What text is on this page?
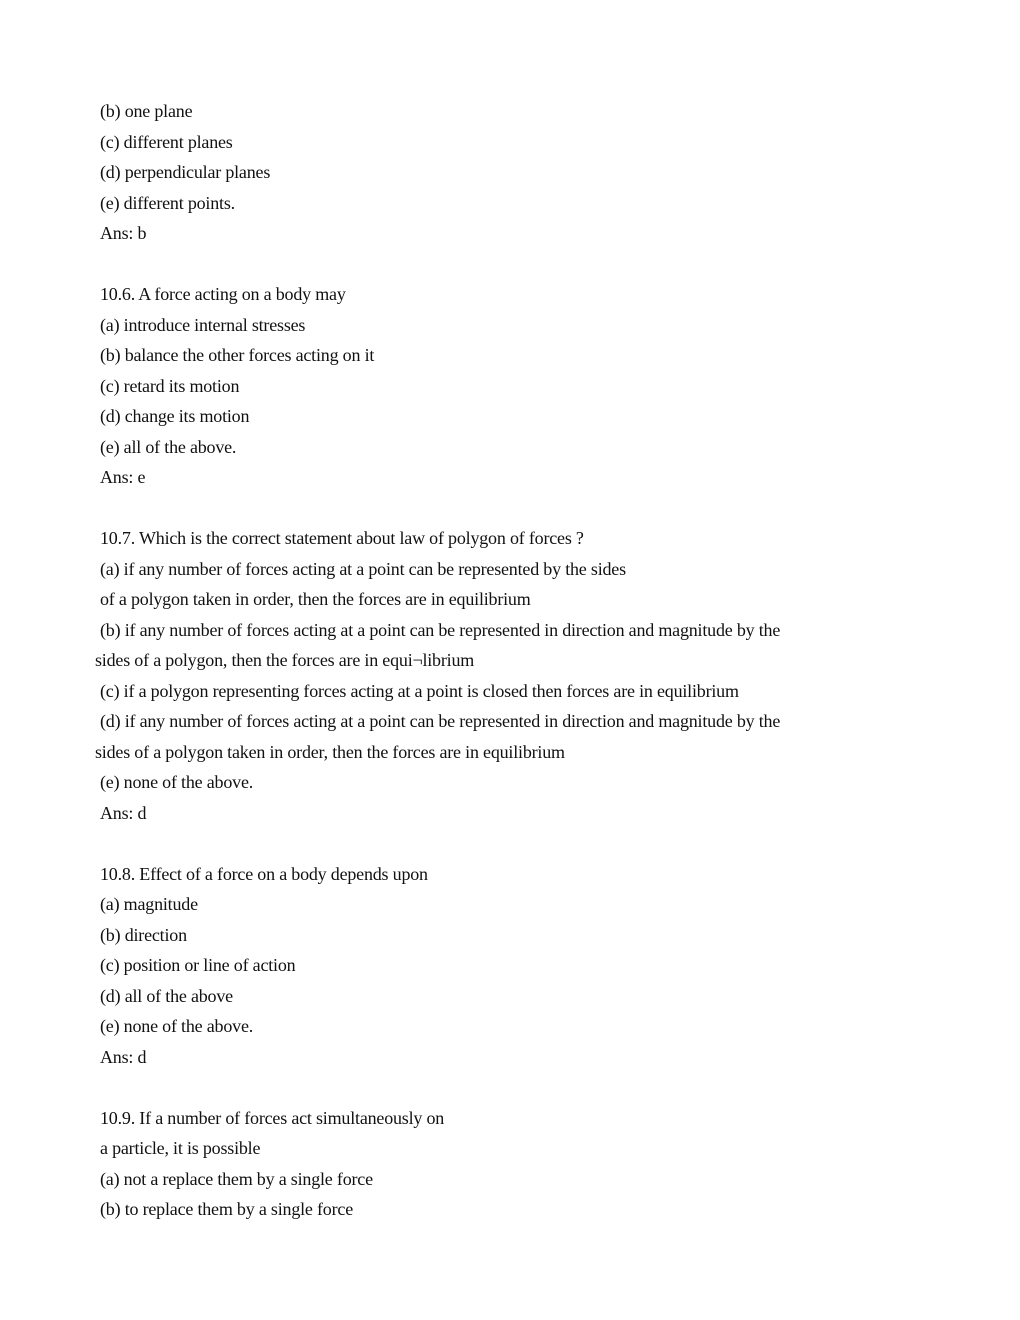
(b) one plane
(c) different planes
(d) perpendicular planes
(e) different points.
Ans: b
10.6. A force acting on a body may
(a) introduce internal stresses
(b) balance the other forces acting on it
(c) retard its motion
(d) change its motion
(e) all of the above.
Ans: e
10.7. Which is the correct statement about law of polygon of forces ?
(a) if any number of forces acting at a point can be represented by the sides
of a polygon taken in order, then the forces are in equilibrium
(b) if any number of forces acting at a point can be represented in direction and magnitude by the
sides of a polygon, then the forces are in equi¬librium
(c) if a polygon representing forces acting at a point is closed then forces are in equilibrium
(d) if any number of forces acting at a point can be represented in direction and magnitude by the
sides of a polygon taken in order, then the forces are in equilibrium
(e) none of the above.
Ans: d
10.8. Effect of a force on a body depends upon
(a) magnitude
(b) direction
(c) position or line of action
(d) all of the above
(e) none of the above.
Ans: d
10.9. If a number of forces act simultaneously on
a particle, it is possible
(a) not a replace them by a single force
(b) to replace them by a single force
